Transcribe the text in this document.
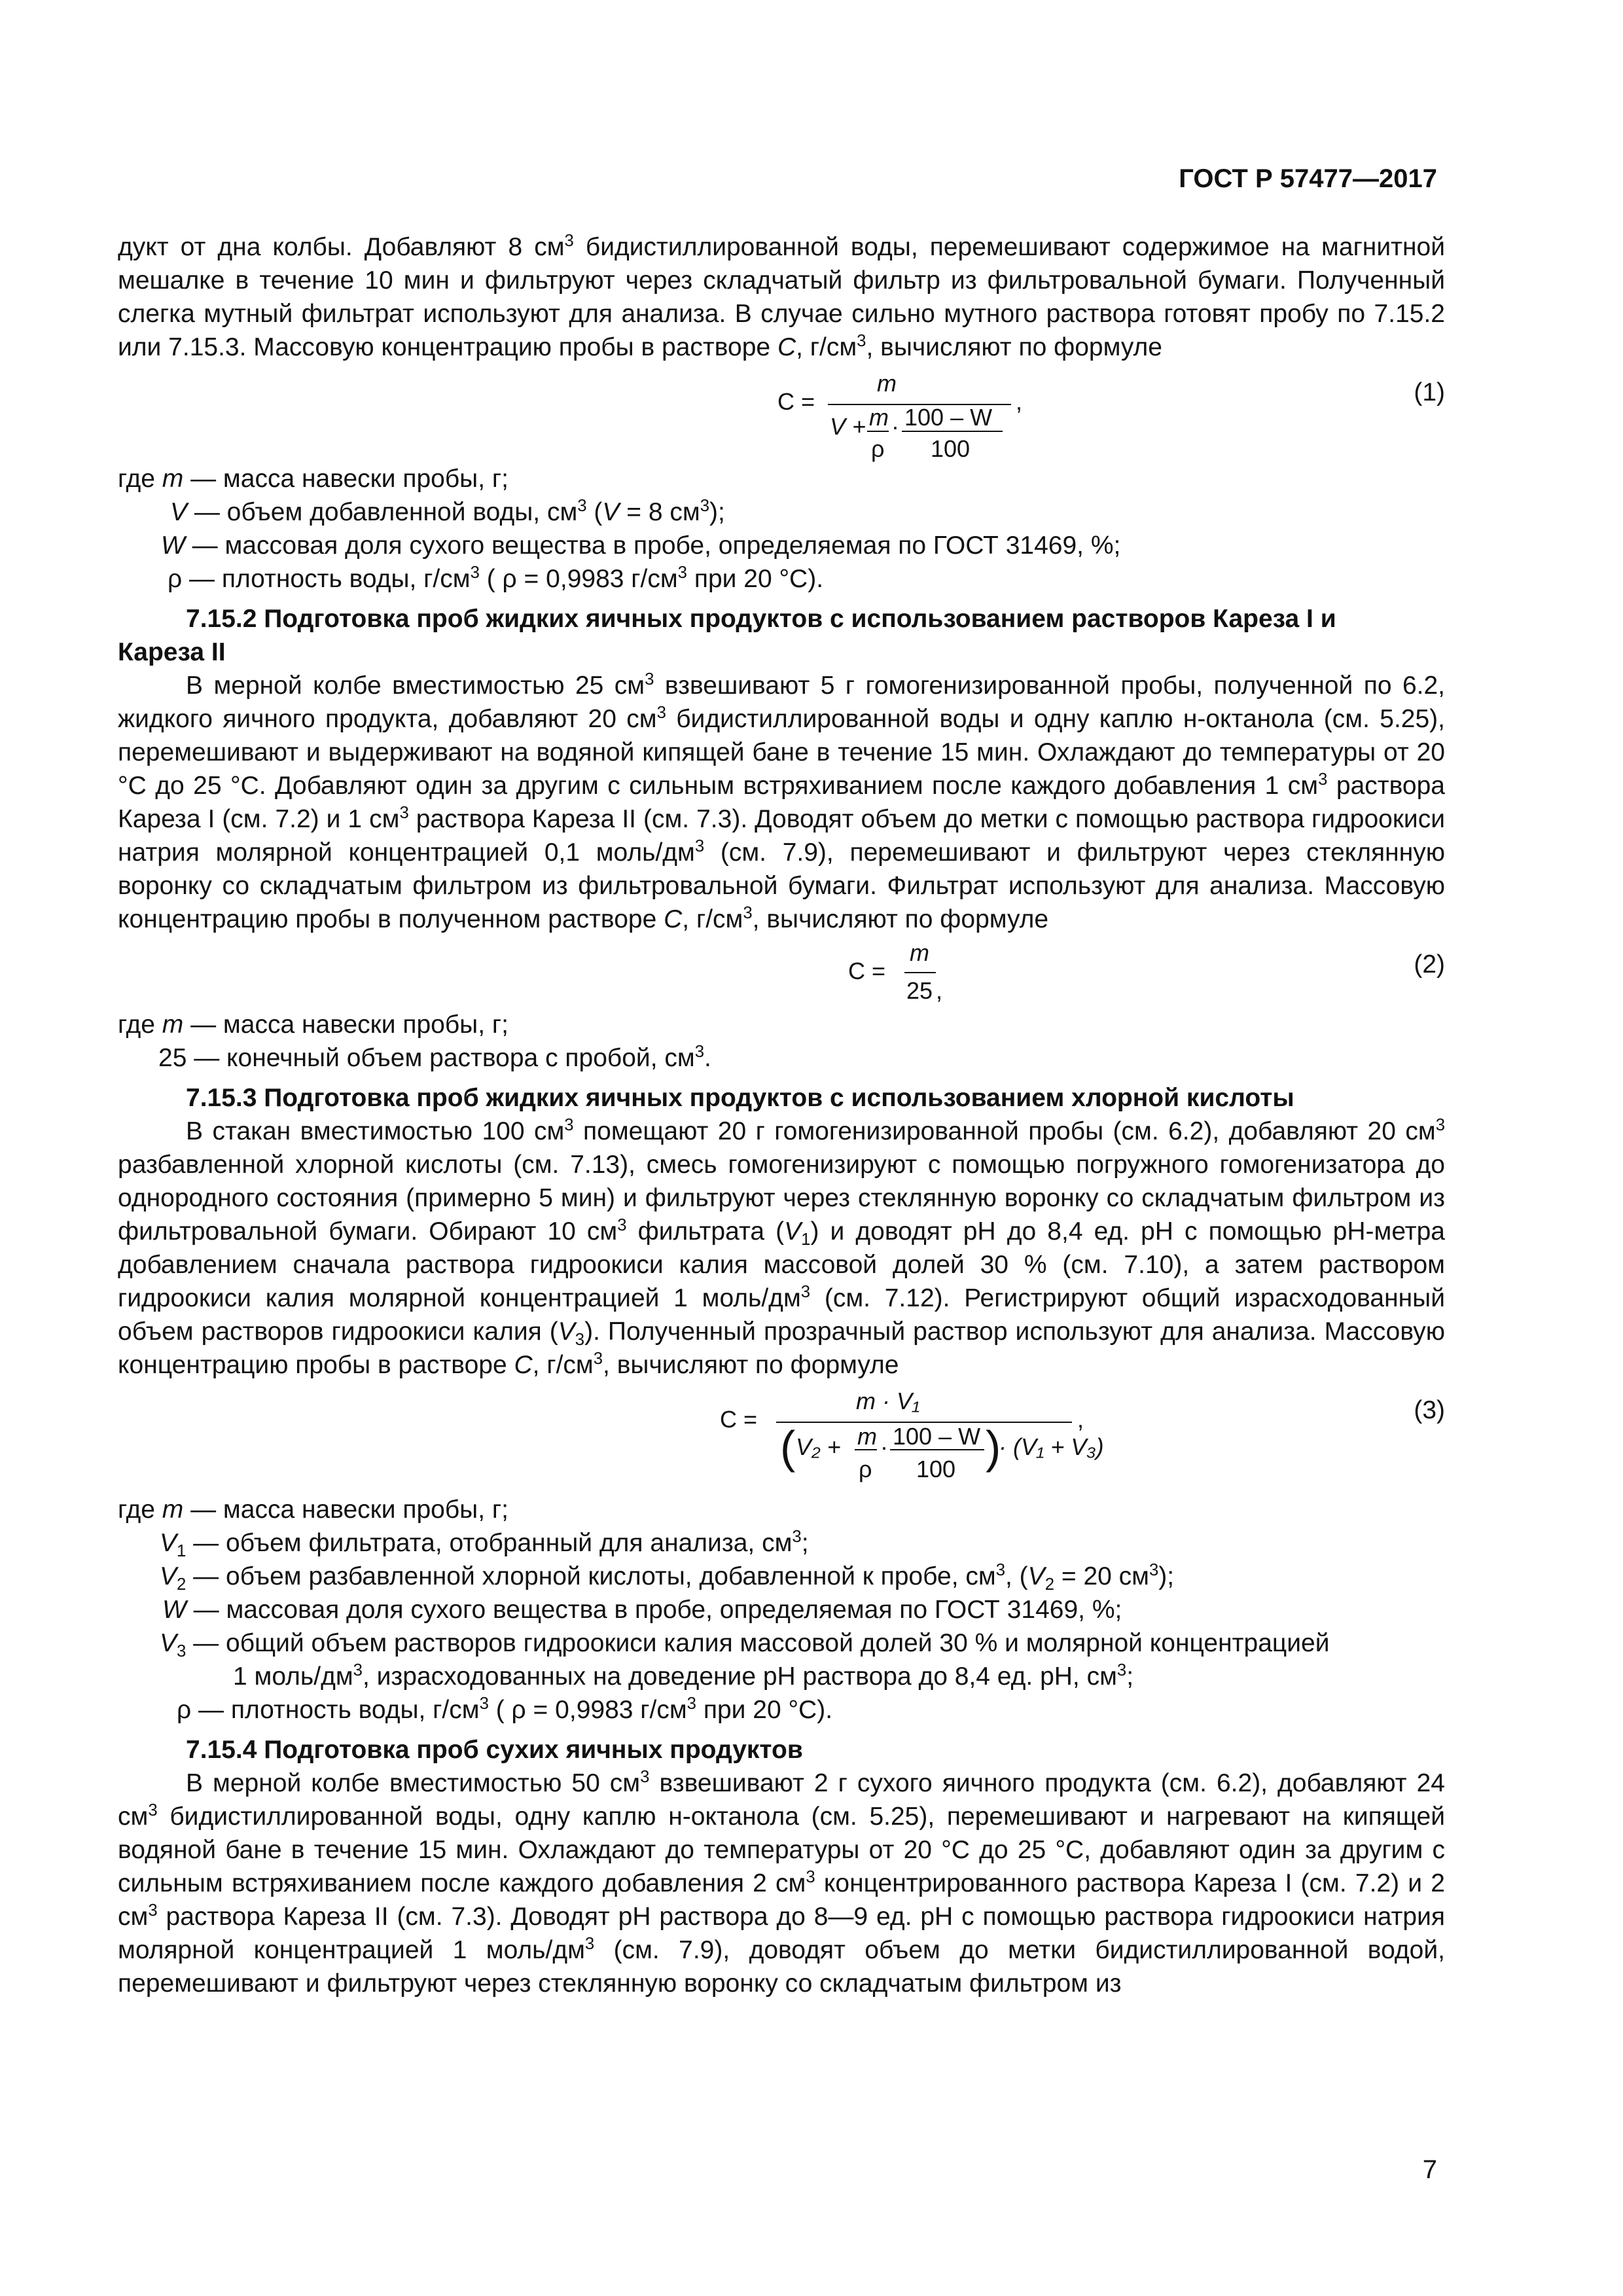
ГОСТ Р 57477—2017

дукт от дна колбы. Добавляют 8 $см^3$ бидистиллированной воды, перемешивают содержимое на магнитной мешалке в течение 10 мин и фильтруют через складчатый фильтр из фильтровальной бумаги. Полученный слегка мутный фильтрат используют для анализа. В случае сильно мутного раствора готовят пробу по 7.15.2 или 7.15.3. Массовую концентрацию пробы в растворе С, $г/см^3$, вычисляют по формуле

C =
m
V + m
ρ
· 100 – W
100
,	(1)
где m — масса навески пробы, г;
V — объем добавленной воды, $см^3$ (V = 8 $см^3$);
W — массовая доля сухого вещества в пробе, определяемая по ГОСТ 31469, %;
ρ — плотность воды, $г/см^3$ ( ρ = 0,9983 $г/см^3$ при 20 °С).
7.15.2 Подготовка проб жидких яичных продуктов с использованием растворов Кареза I и

Кареза II

В мерной колбе вместимостью 25 $см^3$ взвешивают 5 г гомогенизированной пробы, полученной по 6.2, жидкого яичного продукта, добавляют 20 $см^3$ бидистиллированной воды и одну каплю н-октанола (см. 5.25), перемешивают и выдерживают на водяной кипящей бане в течение 15 мин. Охлаждают до температуры от 20 °С до 25 °С. Добавляют один за другим с сильным встряхиванием после каждого добавления 1 $см^3$ раствора Кареза I (см. 7.2) и 1 $см^3$ раствора Кареза II (см. 7.3). Доводят объем до метки с помощью раствора гидроокиси натрия молярной концентрацией 0,1 моль/$дм^3$ (см. 7.9), перемешивают и фильтруют через стеклянную воронку со складчатым фильтром из фильтровальной бумаги. Фильтрат используют для анализа. Массовую концентрацию пробы в полученном растворе С, $г/см^3$, вычисляют по формуле

C =
m
25 ,
(2)
где m — масса навески пробы, г;
25 — конечный объем раствора с пробой, $см^3$.
7.15.3 Подготовка проб жидких яичных продуктов с использованием хлорной кислоты

В стакан вместимостью 100 $см^3$ помещают 20 г гомогенизированной пробы (см. 6.2), добавляют 20 $см^3$ разбавленной хлорной кислоты (см. 7.13), смесь гомогенизируют с помощью погружного гомогенизатора до однородного состояния (примерно 5 мин) и фильтруют через стеклянную воронку со складчатым фильтром из фильтровальной бумаги. Обирают 10 $см^3$ фильтрата $(V_1)$ и доводят pH до 8,4 ед. pH с помощью pH-метра добавлением сначала раствора гидроокиси калия массовой долей 30 % (см. 7.10), а затем раствором гидроокиси калия молярной концентрацией 1 моль/$дм^3$ (см. 7.12). Регистрируют общий израсходованный объем растворов гидроокиси калия $(V_3)$. Полученный прозрачный раствор используют для анализа. Массовую концентрацию пробы в растворе С, $г/см^3$, вычисляют по формуле

C =
m · V₁
( V₂ + m
ρ
· 100 – W
100 )
· (V₁ + V₃)
,	(3)
где m — масса навески пробы, г;
$V_1$ — объем фильтрата, отобранный для анализа, $см^3$;
$V_2$ — объем разбавленной хлорной кислоты, добавленной к пробе, $см^3$, ($V_2 = 20$ $см^3$);
W — массовая доля сухого вещества в пробе, определяемая по ГОСТ 31469, %;
$V_3$ — общий объем растворов гидроокиси калия массовой долей 30 % и молярной концентрацией
1 моль/$дм^3$, израсходованных на доведение pH раствора до 8,4 ед. pH, $см^3$;
ρ — плотность воды, $г/см^3$ ( ρ = 0,9983 $г/см^3$ при 20 °С).
7.15.4 Подготовка проб сухих яичных продуктов

В мерной колбе вместимостью 50 $см^3$ взвешивают 2 г сухого яичного продукта (см. 6.2), добавляют 24 $см^3$ бидистиллированной воды, одну каплю н-октанола (см. 5.25), перемешивают и нагревают на кипящей водяной бане в течение 15 мин. Охлаждают до температуры от 20 °С до 25 °С, добавляют один за другим с сильным встряхиванием после каждого добавления 2 $см^3$ концентрированного раствора Кареза I (см. 7.2) и 2 $см^3$ раствора Кареза II (см. 7.3). Доводят pH раствора до 8—9 ед. pH с помощью раствора гидроокиси натрия молярной концентрацией 1 моль/$дм^3$ (см. 7.9), доводят объем до метки бидистиллированной водой, перемешивают и фильтруют через стеклянную воронку со складчатым фильтром из

7
